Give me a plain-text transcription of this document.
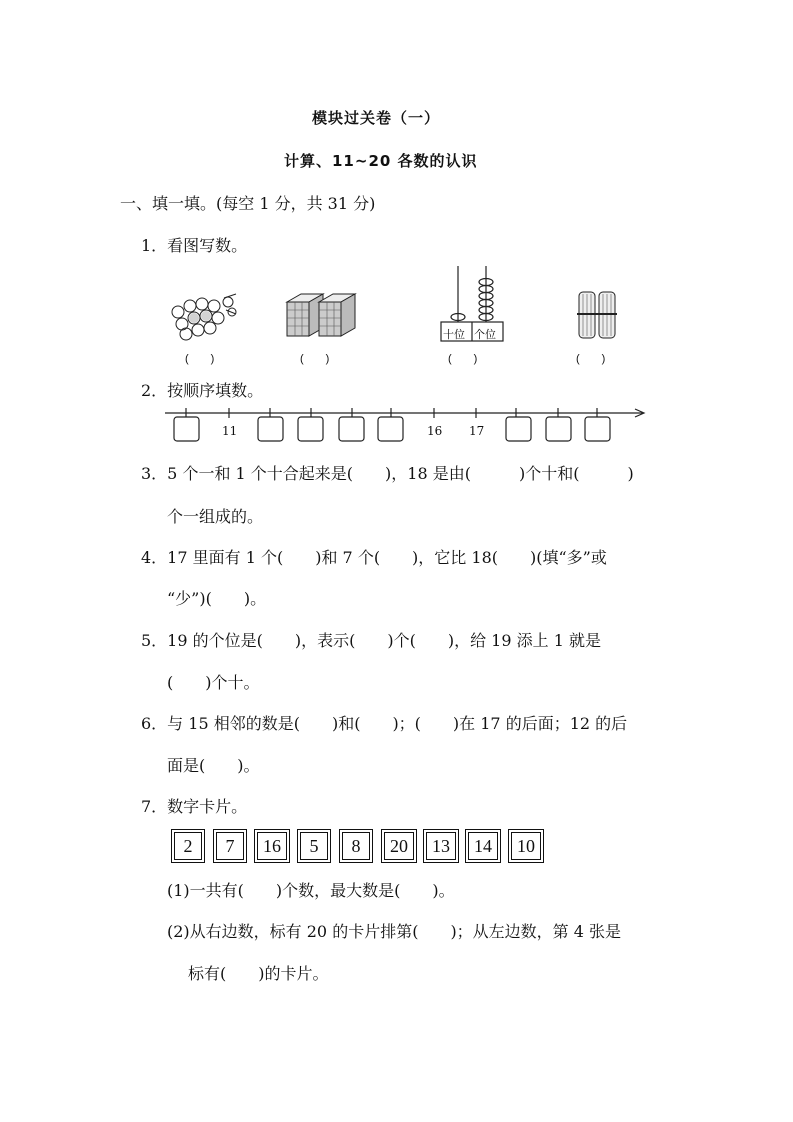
模块过关卷（一）
计算、11~20 各数的认识
一、填一填。(每空 1 分，共 31 分)
1．看图写数。
十位 个位
(　　)	(　　)	(　　)	(　　)
2．按顺序填数。
11	16 17
3．5 个一和 1 个十合起来是(　　)，18 是由(　　　)个十和(　　　)
个一组成的。
4．17 里面有 1 个(　　)和 7 个(　　)，它比 18(　　)(填“多”或
“少”)(　　)。
5．19 的个位是(　　)，表示(　　)个(　　)，给 19 添上 1 就是
(　　)个十。
6．与 15 相邻的数是(　　)和(　　)；(　　)在 17 的后面；12 的后
面是(　　)。
7．数字卡片。
2	7	16	5	8	20	13	14	10
(1)一共有(　　)个数，最大数是(　　)。
(2)从右边数，标有 20 的卡片排第(　　)；从左边数，第 4 张是
标有(　　)的卡片。
